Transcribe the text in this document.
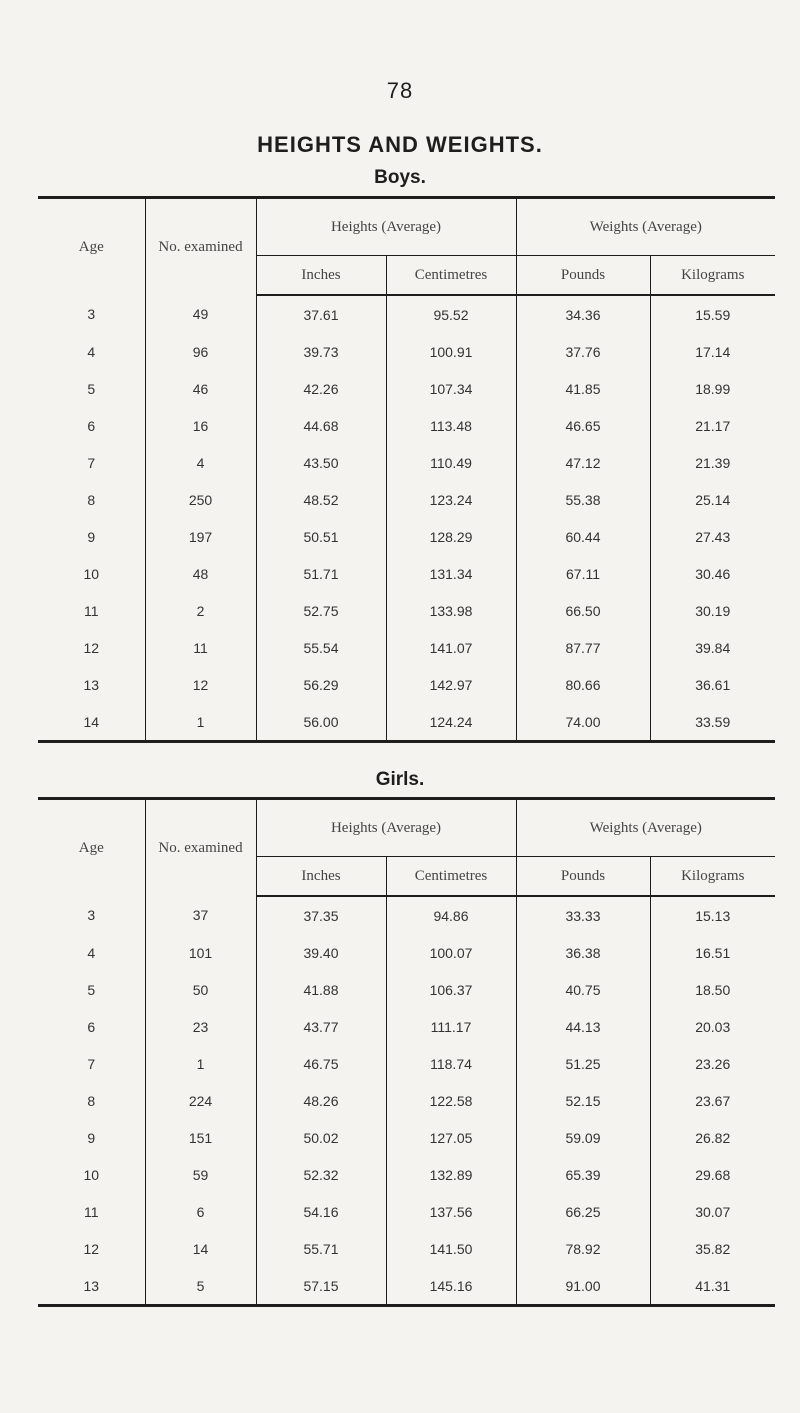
78
HEIGHTS AND WEIGHTS.
Boys.
Age	No. examined	Heights (Average)		Weights (Average)	
		Inches	Centimetres	Pounds	Kilograms
3	49	37.61	95.52	34.36	15.59
4	96	39.73	100.91	37.76	17.14
5	46	42.26	107.34	41.85	18.99
6	16	44.68	113.48	46.65	21.17
7	4	43.50	110.49	47.12	21.39
8	250	48.52	123.24	55.38	25.14
9	197	50.51	128.29	60.44	27.43
10	48	51.71	131.34	67.11	30.46
11	2	52.75	133.98	66.50	30.19
12	11	55.54	141.07	87.77	39.84
13	12	56.29	142.97	80.66	36.61
14	1	56.00	124.24	74.00	33.59
Girls.
Age	No. examined	Heights (Average)		Weights (Average)	
		Inches	Centimetres	Pounds	Kilograms
3	37	37.35	94.86	33.33	15.13
4	101	39.40	100.07	36.38	16.51
5	50	41.88	106.37	40.75	18.50
6	23	43.77	111.17	44.13	20.03
7	1	46.75	118.74	51.25	23.26
8	224	48.26	122.58	52.15	23.67
9	151	50.02	127.05	59.09	26.82
10	59	52.32	132.89	65.39	29.68
11	6	54.16	137.56	66.25	30.07
12	14	55.71	141.50	78.92	35.82
13	5	57.15	145.16	91.00	41.31
